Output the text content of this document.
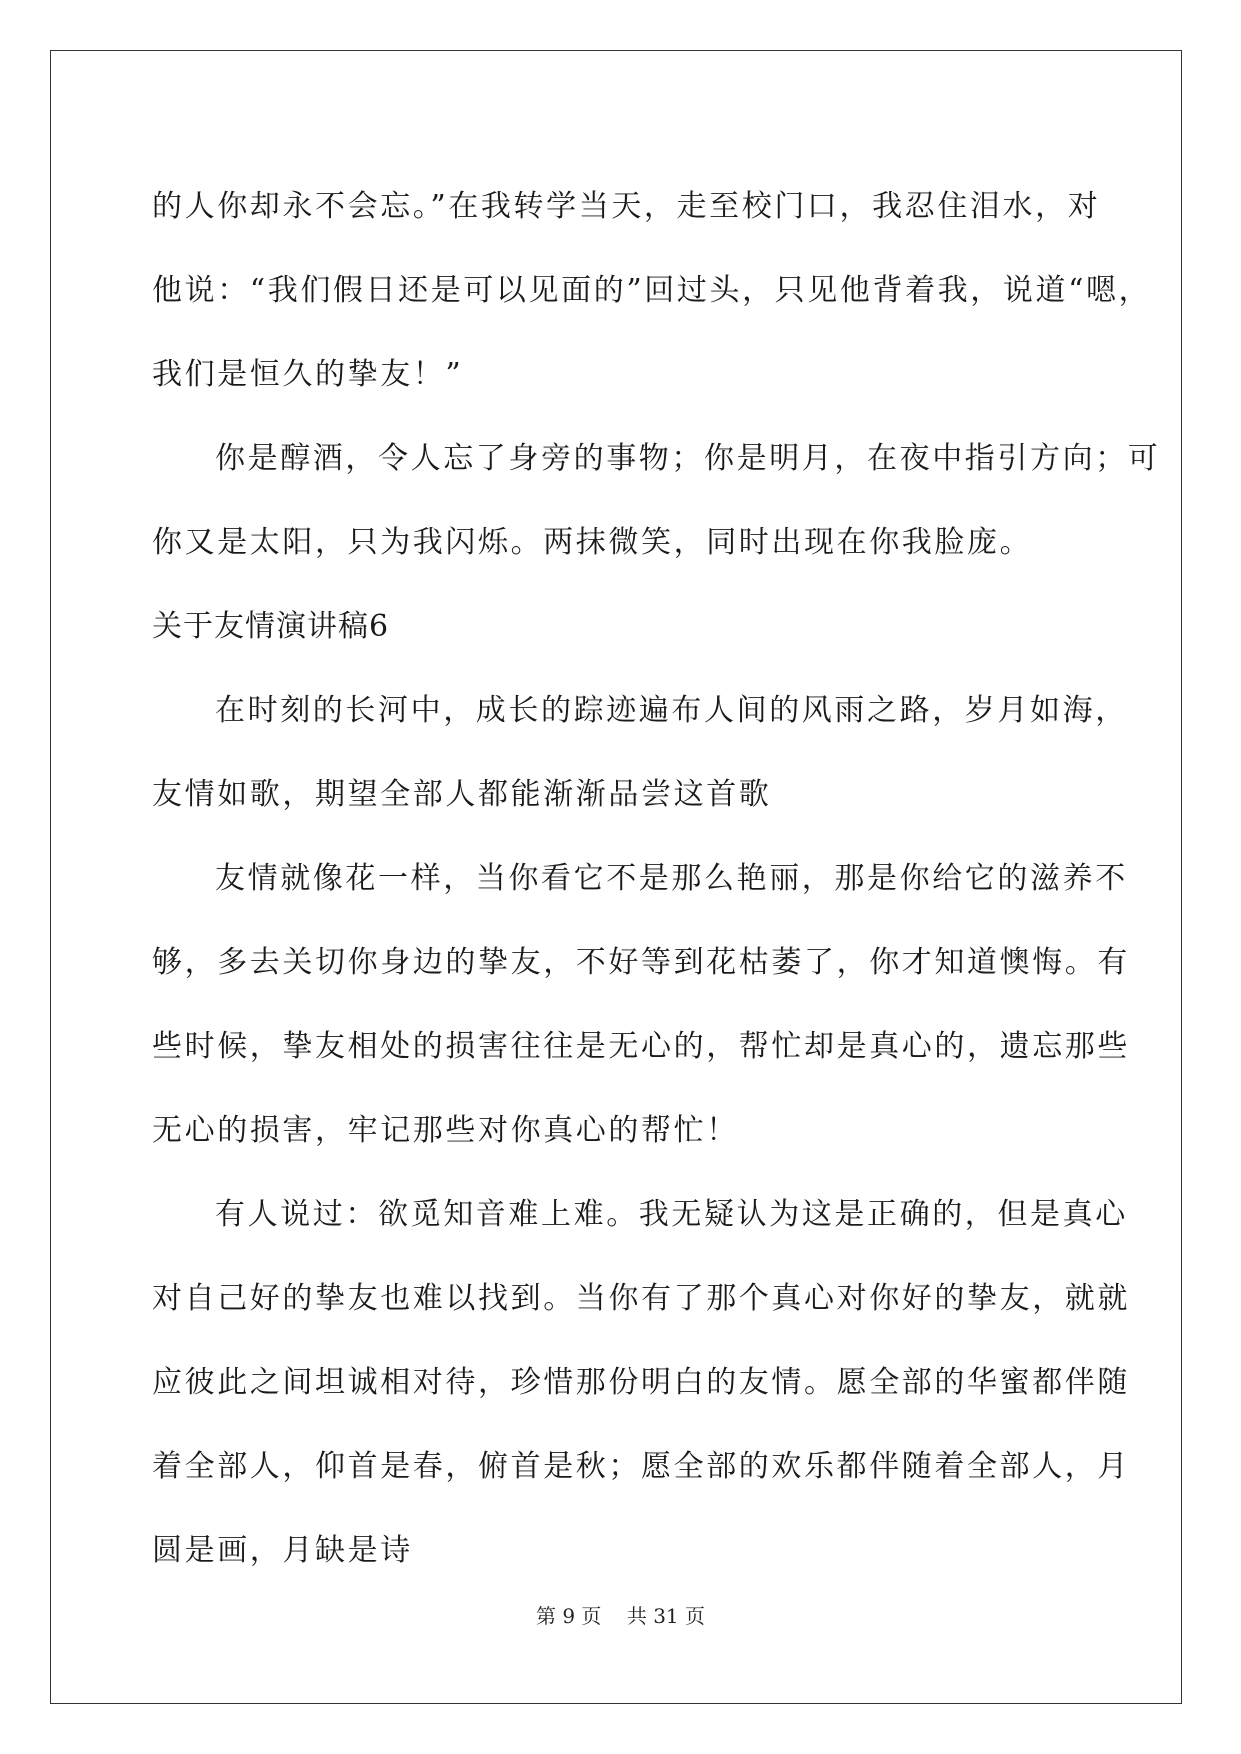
的人你却永不会忘。”在我转学当天，走至校门口，我忍住泪水，对
他说：“我们假日还是可以见面的”回过头，只见他背着我，说道“嗯，
我们是恒久的挚友！”
你是醇酒，令人忘了身旁的事物；你是明月，在夜中指引方向；可
你又是太阳，只为我闪烁。两抹微笑，同时出现在你我脸庞。
关于友情演讲稿6
在时刻的长河中，成长的踪迹遍布人间的风雨之路，岁月如海，
友情如歌，期望全部人都能渐渐品尝这首歌
友情就像花一样，当你看它不是那么艳丽，那是你给它的滋养不
够，多去关切你身边的挚友，不好等到花枯萎了，你才知道懊悔。有
些时候，挚友相处的损害往往是无心的，帮忙却是真心的，遗忘那些
无心的损害，牢记那些对你真心的帮忙！
有人说过：欲觅知音难上难。我无疑认为这是正确的，但是真心
对自己好的挚友也难以找到。当你有了那个真心对你好的挚友，就就
应彼此之间坦诚相对待，珍惜那份明白的友情。愿全部的华蜜都伴随
着全部人，仰首是春，俯首是秋；愿全部的欢乐都伴随着全部人，月
圆是画，月缺是诗
第 9 页    共 31 页
